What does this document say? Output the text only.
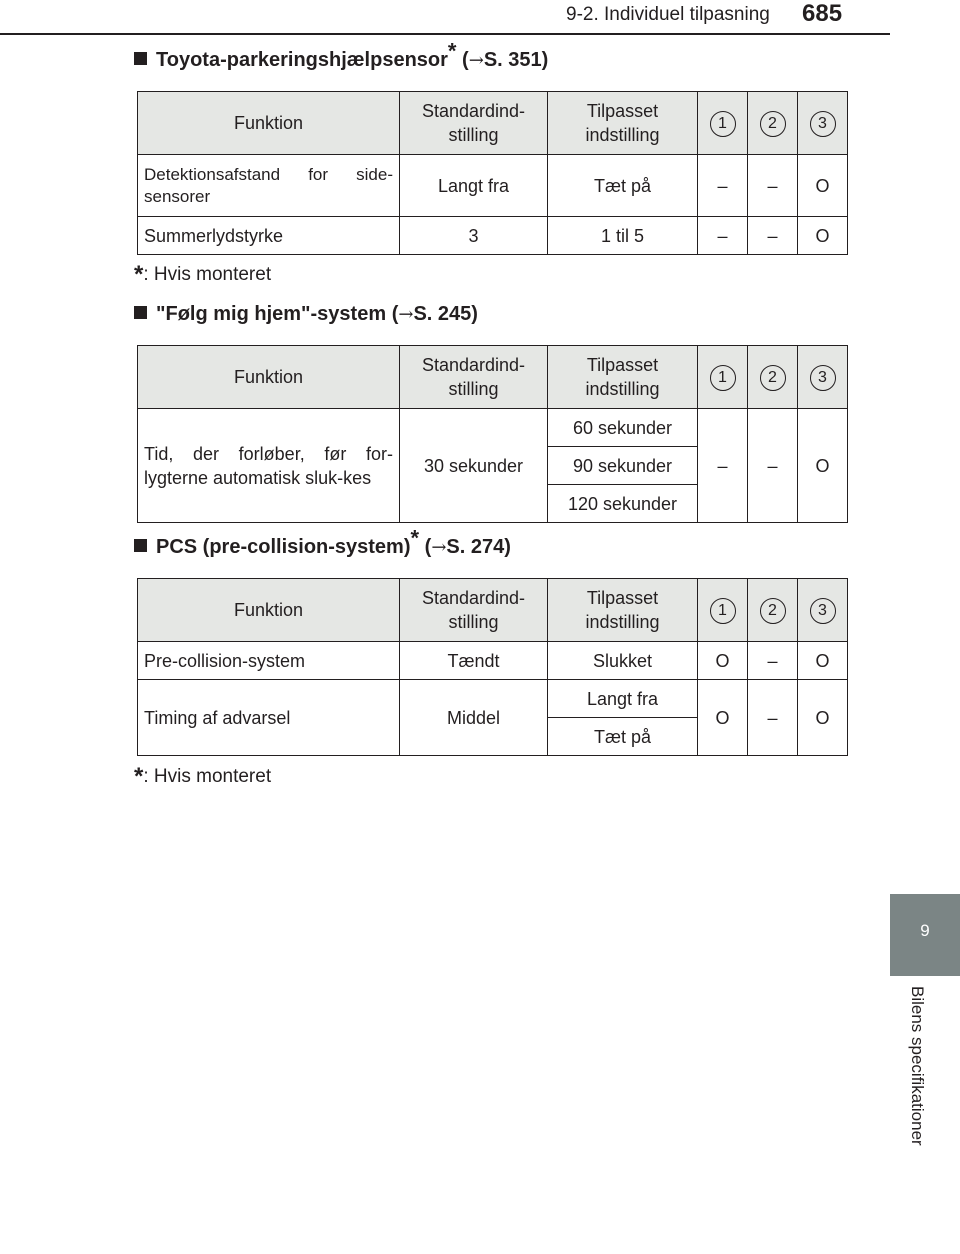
9-2. Individuel tilpasning 685
9
Bilens specifikationer
Toyota-parkeringshjælpsensor* (→S. 351)
Funktion	Standardind-stilling	Tilpasset indstilling	1	2	3
Detektionsafstand for side-sensorer	Langt fra	Tæt på	–	–	O
Summerlydstyrke	3	1 til 5	–	–	O
*: Hvis monteret
"Følg mig hjem"-system (→S. 245)
Funktion	Standardind-stilling	Tilpasset indstilling	1	2	3
Tid, der forløber, før for-lygterne automatisk sluk-kes	30 sekunder	60 sekunder	–	–	O
		90 sekunder			
		120 sekunder			
PCS (pre-collision-system)* (→S. 274)
Funktion	Standardind-stilling	Tilpasset indstilling	1	2	3
Pre-collision-system	Tændt	Slukket	O	–	O
Timing af advarsel	Middel	Langt fra	O	–	O
		Tæt på			
*: Hvis monteret
